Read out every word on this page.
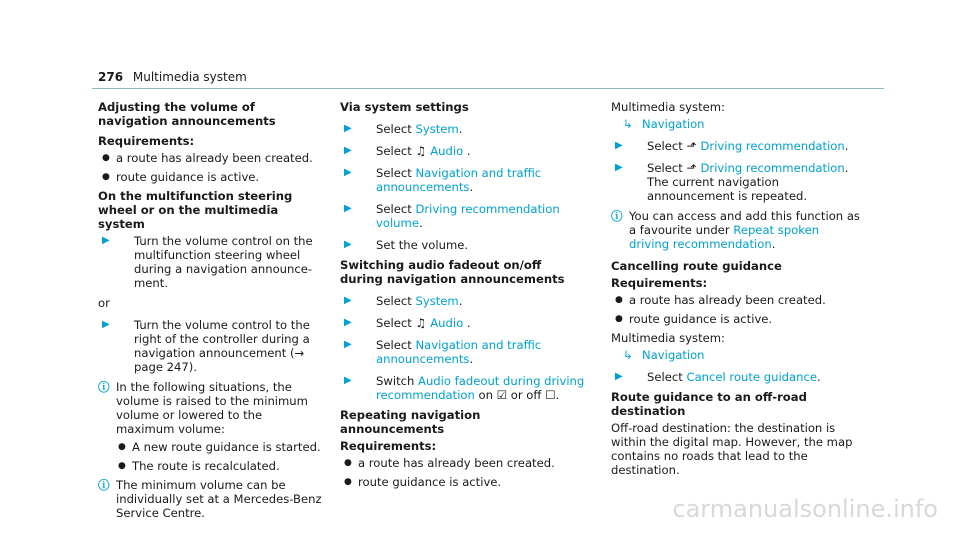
276 Multimedia system
Adjusting the volume of navigation announcements
Requirements:
● a route has already been created.
● route guidance is active.
On the multifunction steering wheel or on the multimedia system
▶	Turn the volume control on the multifunction steering wheel during a navigation announcement.
or
▶	Turn the volume control to the right of the controller during a navigation announcement (→ page 247).
ⓘ In the following situations, the volume is raised to the minimum volume or lowered to the maximum volume:
● A new route guidance is started.
● The route is recalculated.
ⓘ The minimum volume can be individually set at a Mercedes-Benz Service Centre.
Via system settings
▶	Select System.
▶	Select ♫ Audio .
▶	Select Navigation and traffic announcements.
▶	Select Driving recommendation volume.
▶	Set the volume.
Switching audio fadeout on/off during navigation announcements
▶	Select System.
▶	Select ♫ Audio .
▶	Select Navigation and traffic announcements.
▶	Switch Audio fadeout during driving recommendation on ☑ or off ☐.
Repeating navigation announcements
Requirements:
● a route has already been created.
● route guidance is active.
Multimedia system:
↳ Navigation
▶	Select ⬏ Driving recommendation.
▶	Select ⬏ Driving recommendation.
The current navigation announcement is repeated.
ⓘ You can access and add this function as a favourite under Repeat spoken driving recommendation.
Cancelling route guidance
Requirements:
● a route has already been created.
● route guidance is active.
Multimedia system:
↳ Navigation
▶	Select Cancel route guidance.
Route guidance to an off-road destination
Off-road destination: the destination is within the digital map. However, the map contains no roads that lead to the destination.
carmanualsonline.info
